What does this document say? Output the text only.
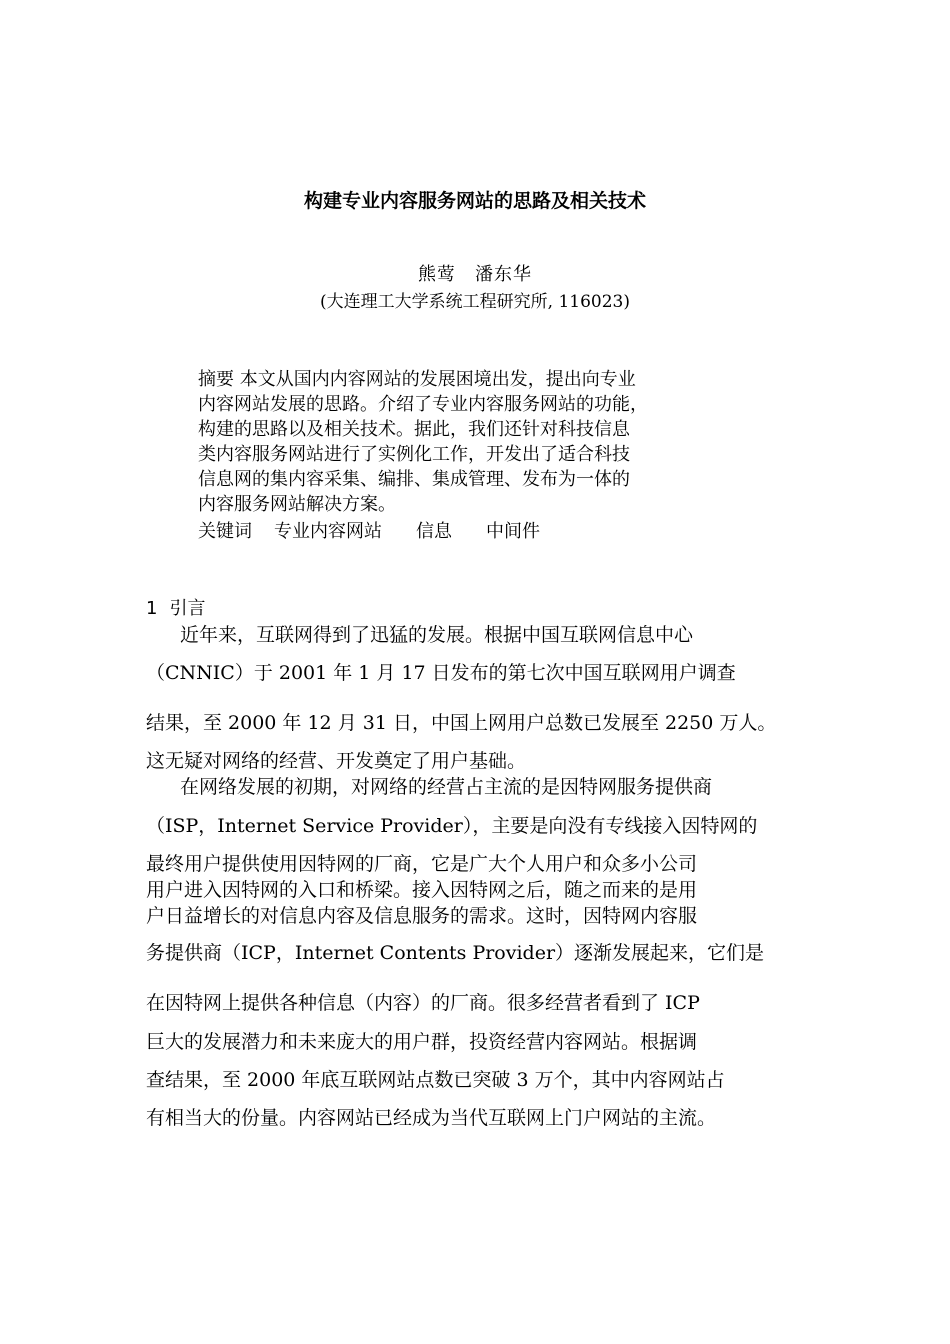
构建专业内容服务网站的思路及相关技术
熊莺　潘东华
(大连理工大学系统工程研究所, 116023)
摘要 本文从国内内容网站的发展困境出发，提出向专业
内容网站发展的思路。介绍了专业内容服务网站的功能，
构建的思路以及相关技术。据此，我们还针对科技信息
类内容服务网站进行了实例化工作，开发出了适合科技
信息网的集内容采集、编排、集成管理、发布为一体的
内容服务网站解决方案。
关键词 专业内容网站 信息 中间件
1 引言
近年来，互联网得到了迅猛的发展。根据中国互联网信息中心
（CNNIC）于 2001 年 1 月 17 日发布的第七次中国互联网用户调查
结果，至 2000 年 12 月 31 日，中国上网用户总数已发展至 2250 万人。
这无疑对网络的经营、开发奠定了用户基础。
在网络发展的初期，对网络的经营占主流的是因特网服务提供商
（ISP，Internet Service Provider），主要是向没有专线接入因特网的
最终用户提供使用因特网的厂商，它是广大个人用户和众多小公司
用户进入因特网的入口和桥梁。接入因特网之后，随之而来的是用
户日益增长的对信息内容及信息服务的需求。这时，因特网内容服
务提供商（ICP，Internet Contents Provider）逐渐发展起来，它们是
在因特网上提供各种信息（内容）的厂商。很多经营者看到了 ICP
巨大的发展潜力和未来庞大的用户群，投资经营内容网站。根据调
查结果，至 2000 年底互联网站点数已突破 3 万个，其中内容网站占
有相当大的份量。内容网站已经成为当代互联网上门户网站的主流。
